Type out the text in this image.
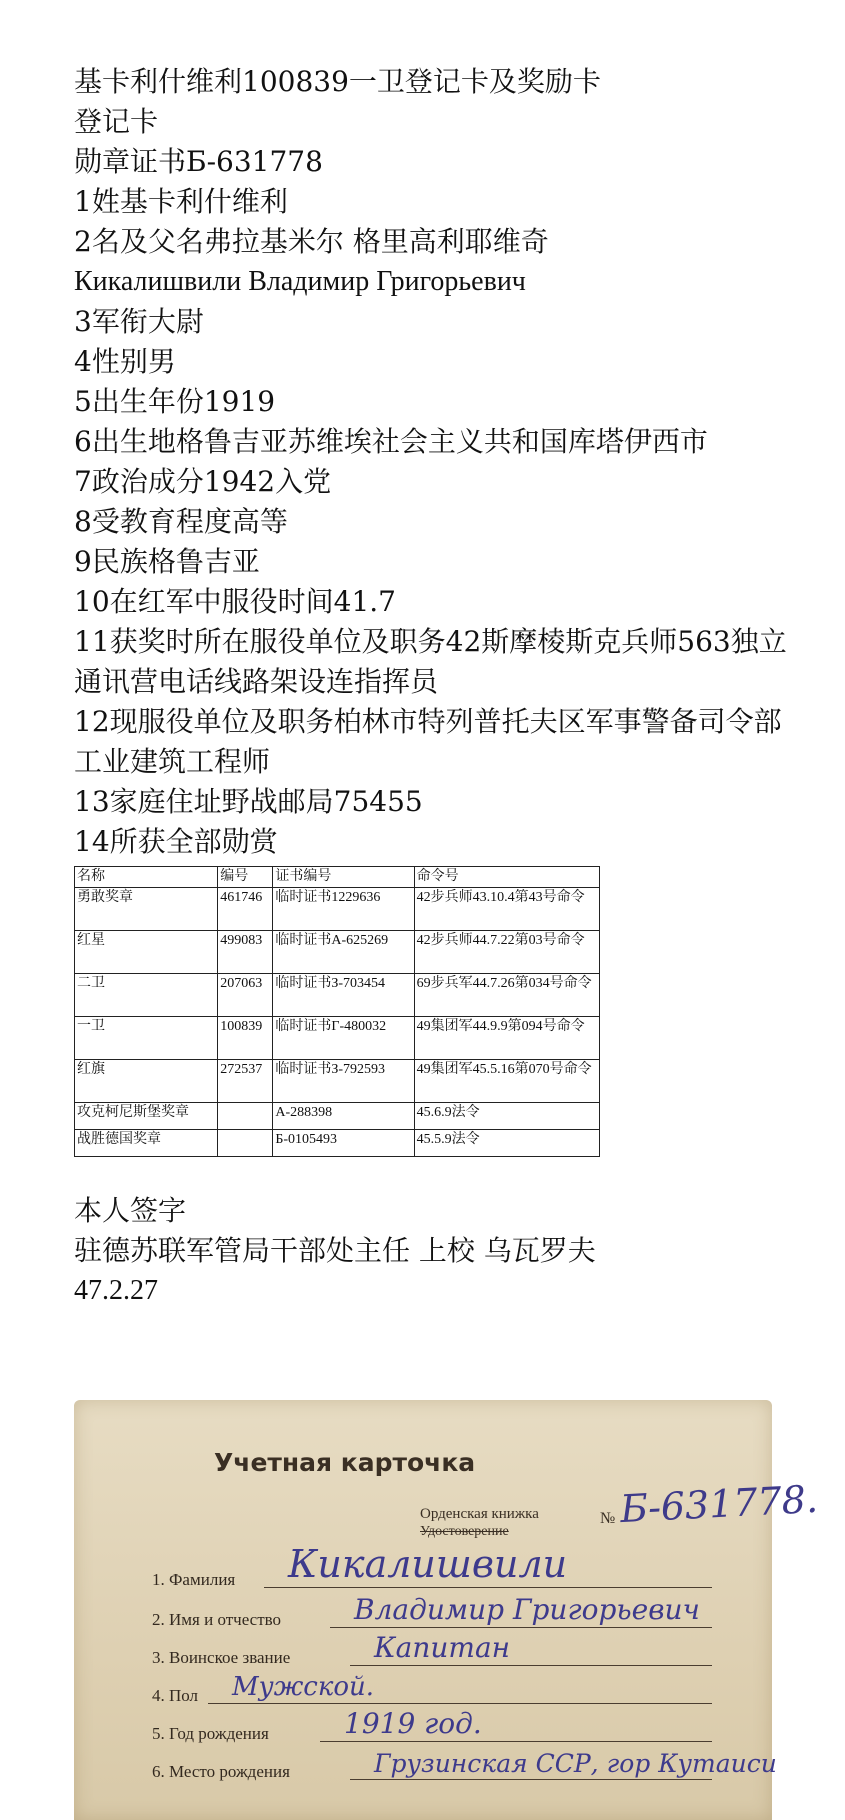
基卡利什维利100839一卫登记卡及奖励卡
登记卡
勋章证书Б-631778
1姓基卡利什维利
2名及父名弗拉基米尔 格里高利耶维奇
Кикалишвили Владимир Григорьевич
3军衔大尉
4性别男
5出生年份1919
6出生地格鲁吉亚苏维埃社会主义共和国库塔伊西市
7政治成分1942入党
8受教育程度高等
9民族格鲁吉亚
10在红军中服役时间41.7
11获奖时所在服役单位及职务42斯摩棱斯克兵师563独立通讯营电话线路架设连指挥员
12现服役单位及职务柏林市特列普托夫区军事警备司令部工业建筑工程师
13家庭住址野战邮局75455
14所获全部勋赏
名称	编号	证书编号	命令号
勇敢奖章	461746	临时证书1229636	42步兵师43.10.4第43号命令
红星	499083	临时证书А-625269	42步兵师44.7.22第03号命令
二卫	207063	临时证书З-703454	69步兵军44.7.26第034号命令
一卫	100839	临时证书Г-480032	49集团军44.9.9第094号命令
红旗	272537	临时证书З-792593	49集团军45.5.16第070号命令
攻克柯尼斯堡奖章		А-288398	45.6.9法令
战胜德国奖章		Б-0105493	45.5.9法令
本人签字
驻德苏联军管局干部处主任 上校 乌瓦罗夫
47.2.27
Учетная карточка
Орденская книжка
Удостоверение
№ Б-631778.
1. Фамилия Кикалишвили
2. Имя и отчество	Владимир Григорьевич
3. Воинское звание	Капитан
4. Пол Мужской.
5. Год рождения	1919 год.
6. Место рождения	Грузинская ССР, гор Кутаиси
